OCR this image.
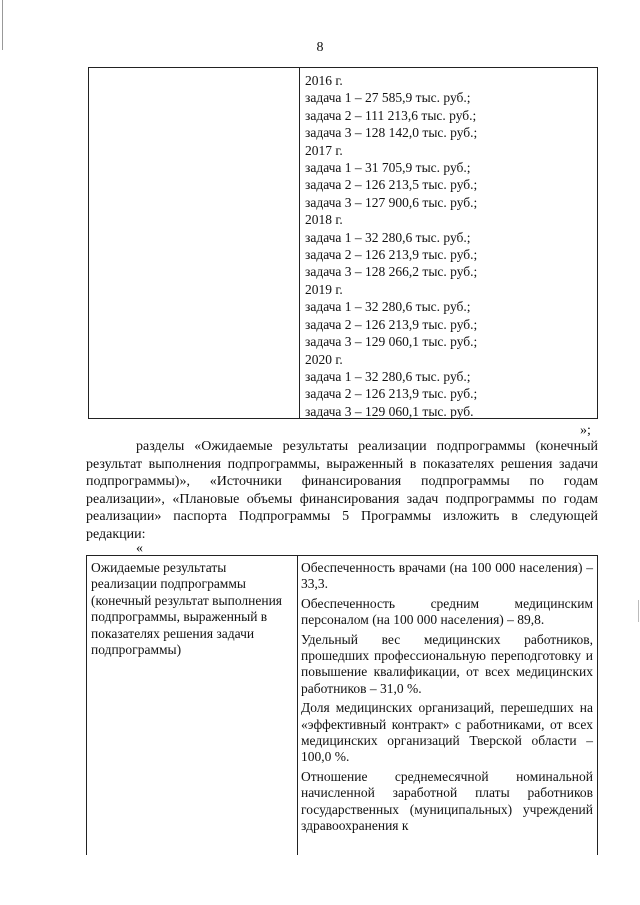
8
2016 г.
задача 1 – 27 585,9 тыс. руб.;
задача 2 – 111 213,6 тыс. руб.;
задача 3 – 128 142,0 тыс. руб.;
2017 г.
задача 1 – 31 705,9 тыс. руб.;
задача 2 – 126 213,5 тыс. руб.;
задача 3 – 127 900,6 тыс. руб.;
2018 г.
задача 1 – 32 280,6 тыс. руб.;
задача 2 – 126 213,9 тыс. руб.;
задача 3 – 128 266,2 тыс. руб.;
2019 г.
задача 1 – 32 280,6 тыс. руб.;
задача 2 – 126 213,9 тыс. руб.;
задача 3 – 129 060,1 тыс. руб.;
2020 г.
задача 1 – 32 280,6 тыс. руб.;
задача 2 – 126 213,9 тыс. руб.;
задача 3 – 129 060,1 тыс. руб.
»;

разделы «Ожидаемые результаты реализации подпрограммы (конечный результат выполнения подпрограммы, выраженный в показателях решения задачи подпрограммы)», «Источники финансирования подпрограммы по годам реализации», «Плановые объемы финансирования задач подпрограммы по годам реализации» паспорта Подпрограммы 5 Программы изложить в следующей редакции:

«
Ожидаемые результаты реализации подпрограммы (конечный результат выполнения подпрограммы, выраженный в показателях решения задачи подпрограммы)

Обеспеченность врачами (на 100 000 населения) – 33,3.

Обеспеченность средним медицинским персоналом (на 100 000 населения) – 89,8.

Удельный вес медицинских работников, прошедших профессиональную переподготовку и повышение квалификации, от всех медицинских работников – 31,0 %.

Доля медицинских организаций, перешедших на «эффективный контракт» с работниками, от всех медицинских организаций Тверской области – 100,0 %.

Отношение среднемесячной номинальной начисленной заработной платы работников государственных (муниципальных) учреждений здравоохранения к
